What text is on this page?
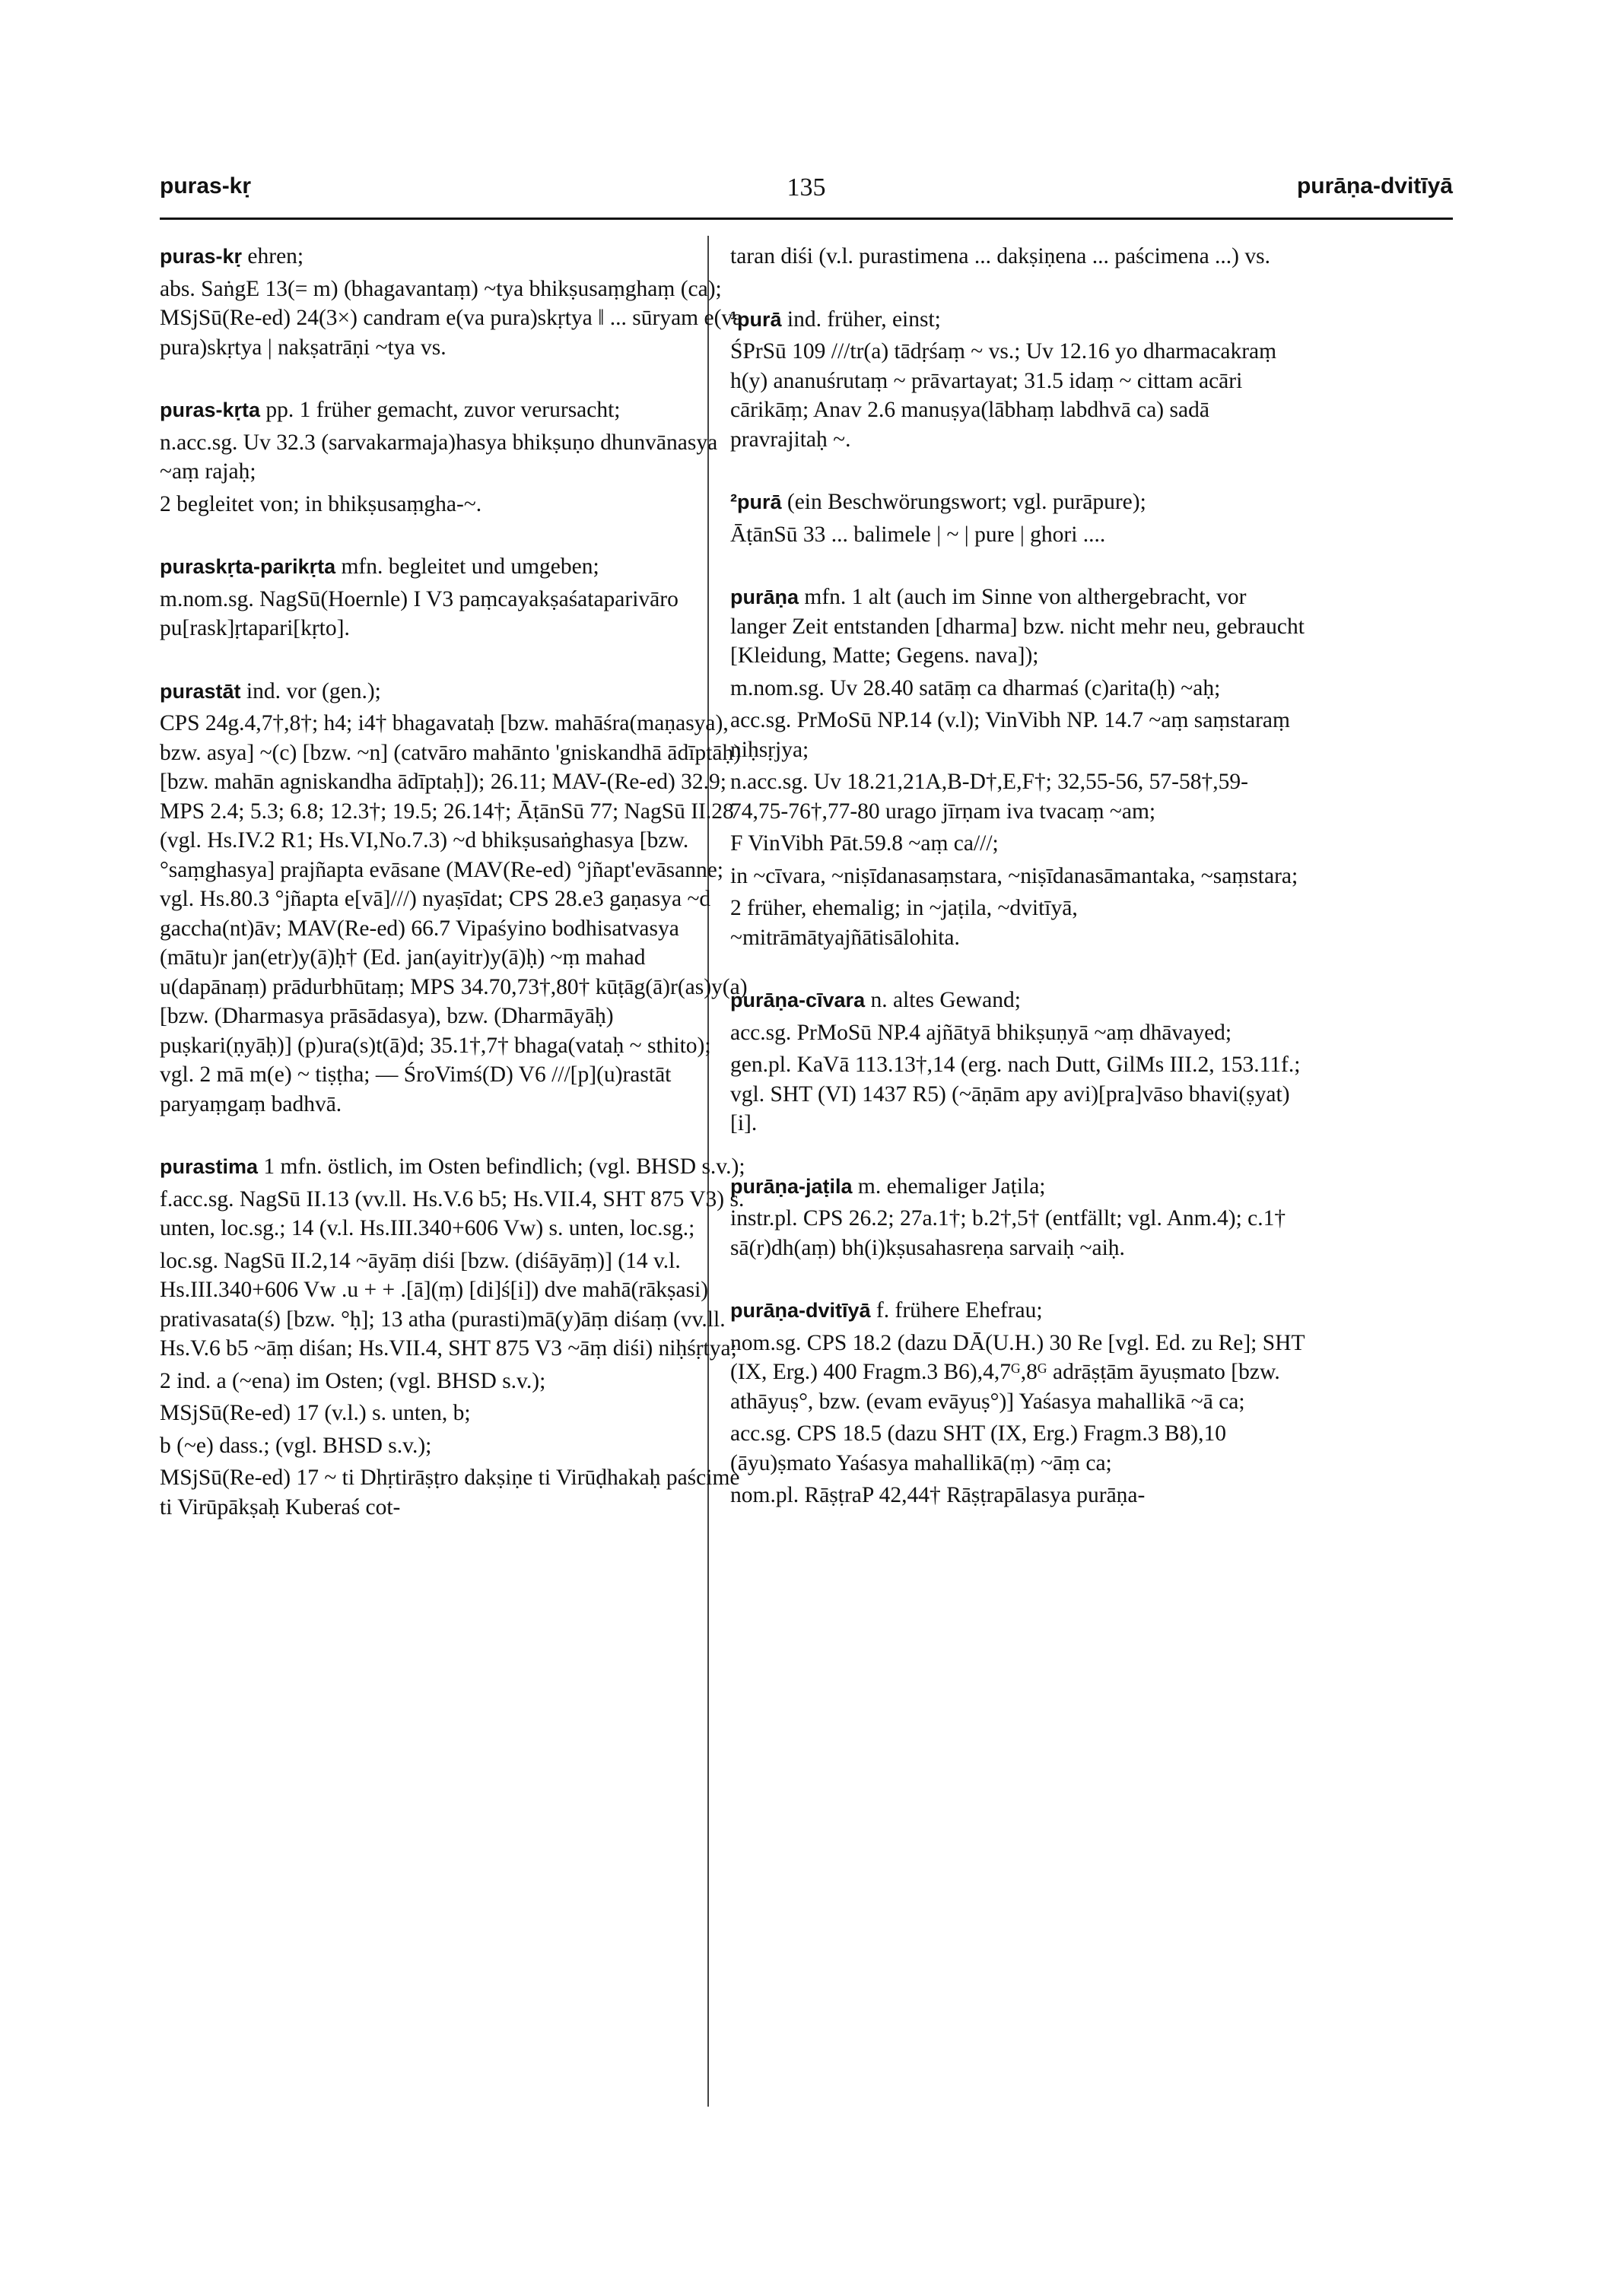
puras-kṛ	135	purāṇa-dvitīyā
puras-kṛ ehren;
abs. SaṅgE 13(= m) (bhagavantaṃ) ~tya bhikṣusaṃghaṃ (ca); MSjSū(Re-ed) 24(3×) candram e(va pura)skṛtya ‖ ... sūryam e(va pura)skṛtya | nakṣatrāṇi ~tya vs.
puras-kṛta pp. 1 früher gemacht, zuvor verursacht;
n.acc.sg. Uv 32.3 (sarvakarmaja)hasya bhikṣuṇo dhunvānasya ~aṃ rajaḥ;
2 begleitet von; in bhikṣusaṃgha-~.
puraskṛta-parikṛta mfn. begleitet und umgeben;
m.nom.sg. NagSū(Hoernle) I V3 paṃcayakṣaśataparivāro pu[rask]ṛtapari[kṛto].
purastāt ind. vor (gen.);
CPS 24g.4,7†,8†; h4; i4† bhagavataḥ [bzw. mahāśra(maṇasya), bzw. asya] ~(c) [bzw. ~n] (catvāro mahānto 'gniskandhā ādīptāḥ) [bzw. mahān agniskandha ādīptaḥ]); 26.11; MAV-(Re-ed) 32.9; MPS 2.4; 5.3; 6.8; 12.3†; 19.5; 26.14†; ĀṭānSū 77; NagSū II.28 (vgl. Hs.IV.2 R1; Hs.VI,No.7.3) ~d bhikṣusaṅghasya [bzw. °saṃghasya] prajñapta evāsane (MAV(Re-ed) °jñapt'evāsanne; vgl. Hs.80.3 °jñapta e[vā]///) nyaṣīdat; CPS 28.e3 gaṇasya ~d gaccha(nt)āv; MAV(Re-ed) 66.7 Vipaśyino bodhisatvasya (mātu)r jan(etr)y(ā)ḥ† (Ed. jan(ayitr)y(ā)ḥ) ~ṃ mahad u(dapānaṃ) prādurbhūtaṃ; MPS 34.70,73†,80† kūṭāg(ā)r(as)y(a) [bzw. (Dharmasya prāsādasya), bzw. (Dharmāyāḥ) puṣkari(ṇyāḥ)] (p)ura(s)t(ā)d; 35.1†,7† bhaga(vataḥ ~ sthito); vgl. 2 mā m(e) ~ tiṣṭha; — ŚroVimś(D) V6 ///[p](u)rastāt paryaṃgaṃ badhvā.
purastima 1 mfn. östlich, im Osten befindlich; (vgl. BHSD s.v.);
f.acc.sg. NagSū II.13 (vv.ll. Hs.V.6 b5; Hs.VII.4, SHT 875 V3) s. unten, loc.sg.; 14 (v.l. Hs.III.340+606 Vw) s. unten, loc.sg.;
loc.sg. NagSū II.2,14 ~āyāṃ diśi [bzw. (diśāyāṃ)] (14 v.l. Hs.III.340+606 Vw .u + + .[ā](ṃ) [di]ś[i]) dve mahā(rākṣasi) prativasata(ś) [bzw. °ḥ]; 13 atha (purasti)mā(y)āṃ diśaṃ (vv.ll. Hs.V.6 b5 ~āṃ diśan; Hs.VII.4, SHT 875 V3 ~āṃ diśi) niḥśṛtya;
2 ind. a (~ena) im Osten; (vgl. BHSD s.v.);
MSjSū(Re-ed) 17 (v.l.) s. unten, b;
b (~e) dass.; (vgl. BHSD s.v.);
MSjSū(Re-ed) 17 ~ ti Dhṛtirāṣṭro dakṣiṇe ti Virūḍhakaḥ paścime ti Virūpākṣaḥ Kuberaś cot-
taran diśi (v.l. purastimena ... dakṣiṇena ... paścimena ...) vs.
¹purā ind. früher, einst;
ŚPrSū 109 ///tr(a) tādṛśaṃ ~ vs.; Uv 12.16 yo dharmacakraṃ h(y) ananuśrutaṃ ~ prāvartayat; 31.5 idaṃ ~ cittam acāri cārikāṃ; Anav 2.6 manuṣya(lābhaṃ labdhvā ca) sadā pravrajitaḥ ~.
²purā (ein Beschwörungswort; vgl. purāpure);
ĀṭānSū 33 ... balimele | ~ | pure | ghori ....
purāṇa mfn. 1 alt (auch im Sinne von althergebracht, vor langer Zeit entstanden [dharma] bzw. nicht mehr neu, gebraucht [Kleidung, Matte; Gegens. nava]);
m.nom.sg. Uv 28.40 satāṃ ca dharmaś (c)arita(ḥ) ~aḥ;
acc.sg. PrMoSū NP.14 (v.l); VinVibh NP. 14.7 ~aṃ saṃstaraṃ niḥsṛjya;
n.acc.sg. Uv 18.21,21A,B-D†,E,F†; 32,55-56, 57-58†,59-74,75-76†,77-80 urago jīrṇam iva tvacaṃ ~am;
F VinVibh Pāt.59.8 ~aṃ ca///;
in ~cīvara, ~niṣīdanasaṃstara, ~niṣīdanasāmantaka, ~saṃstara;
2 früher, ehemalig; in ~jaṭila, ~dvitīyā, ~mitrāmātyajñātisālohita.
purāṇa-cīvara n. altes Gewand;
acc.sg. PrMoSū NP.4 ajñātyā bhikṣuṇyā ~aṃ dhāvayed;
gen.pl. KaVā 113.13†,14 (erg. nach Dutt, GilMs III.2, 153.11f.; vgl. SHT (VI) 1437 R5) (~āṇām apy avi)[pra]vāso bhavi(ṣyat)[i].
purāṇa-jaṭila m. ehemaliger Jaṭila;
instr.pl. CPS 26.2; 27a.1†; b.2†,5† (entfällt; vgl. Anm.4); c.1† sā(r)dh(aṃ) bh(i)kṣusahasreṇa sarvaiḥ ~aiḥ.
purāṇa-dvitīyā f. frühere Ehefrau;
nom.sg. CPS 18.2 (dazu DĀ(U.H.) 30 Re [vgl. Ed. zu Re]; SHT (IX, Erg.) 400 Fragm.3 B6),4,7ᴳ,8ᴳ adrāṣṭām āyuṣmato [bzw. athāyuṣ°, bzw. (evam evāyuṣ°)] Yaśasya mahallikā ~ā ca;
acc.sg. CPS 18.5 (dazu SHT (IX, Erg.) Fragm.3 B8),10 (āyu)ṣmato Yaśasya mahallikā(ṃ) ~āṃ ca;
nom.pl. RāṣṭraP 42,44† Rāṣṭrapālasya purāṇa-
